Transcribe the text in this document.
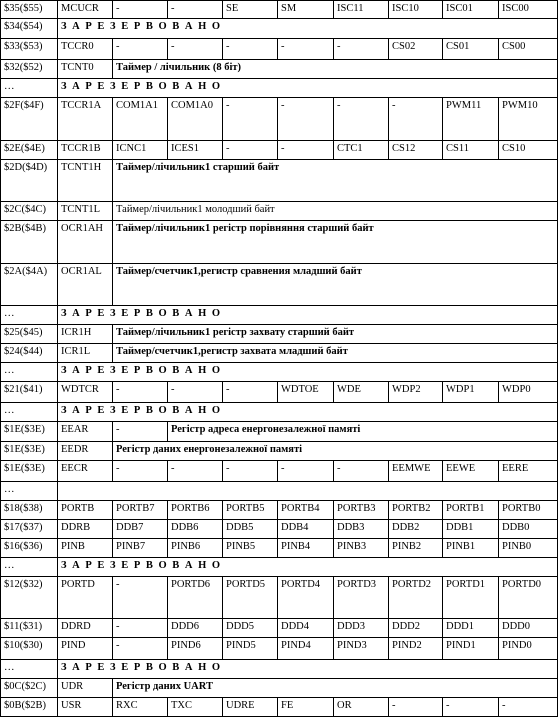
$35($55)	MCUCR	-	-	SE	SM	ISC11	ISC10	ISC01	ISC00
$34($54)	З А Р Е З Е Р В О В А Н О								
$33($53)	TCCR0	-	-	-	-	-	CS02	CS01	CS00
$32($52)	TCNT0	Таймер / лічильник (8 біт)							
…	З А Р Е З Е Р В О В А Н О								
$2F($4F)	TCCR1A	COM1A1	COM1A0	-	-	-	-	PWM11	PWM10
$2E($4E)	TCCR1B	ICNC1	ICES1	-	-	CTC1	CS12	CS11	CS10
$2D($4D)	TCNT1H	Таймер/лічильник1 старший байт							
$2C($4C)	TCNT1L	Таймер/лічильник1 молодший байт							
$2B($4B)	OCR1AH	Таймер/лічильник1 регістр порівняння старший байт							
$2A($4A)	OCR1AL	Таймер/счетчик1,регистр сравнения младший байт							
…	З А Р Е З Е Р В О В А Н О								
$25($45)	ICR1H	Таймер/лічильник1 регістр захвату старший байт							
$24($44)	ICR1L	Таймер/счетчик1,регистр захвата младший байт							
…	З А Р Е З Е Р В О В А Н О								
$21($41)	WDTCR	-	-	-	WDTOE	WDE	WDP2	WDP1	WDP0
…	З А Р Е З Е Р В О В А Н О								
$1E($3E)	EEAR	-	Регістр адреса енергонезалежної памяті						
$1E($3E)	EEDR	Регістр даних енергонезалежної памяті							
$1E($3E)	EECR	-	-	-	-	-	EEMWE	EEWE	EERE
…									
$18($38)	PORTB	PORTB7	PORTB6	PORTB5	PORTB4	PORTB3	PORTB2	PORTB1	PORTB0
$17($37)	DDRB	DDB7	DDB6	DDB5	DDB4	DDB3	DDB2	DDB1	DDB0
$16($36)	PINB	PINB7	PINB6	PINB5	PINB4	PINB3	PINB2	PINB1	PINB0
…	З А Р Е З Е Р В О В А Н О								
$12($32)	PORTD	-	PORTD6	PORTD5	PORTD4	PORTD3	PORTD2	PORTD1	PORTD0
$11($31)	DDRD	-	DDD6	DDD5	DDD4	DDD3	DDD2	DDD1	DDD0
$10($30)	PIND	-	PIND6	PIND5	PIND4	PIND3	PIND2	PIND1	PIND0
…	З А Р Е З Е Р В О В А Н О								
$0C($2C)	UDR	Регістр даних UART							
$0B($2B)	USR	RXC	TXC	UDRE	FE	OR	-	-	-
